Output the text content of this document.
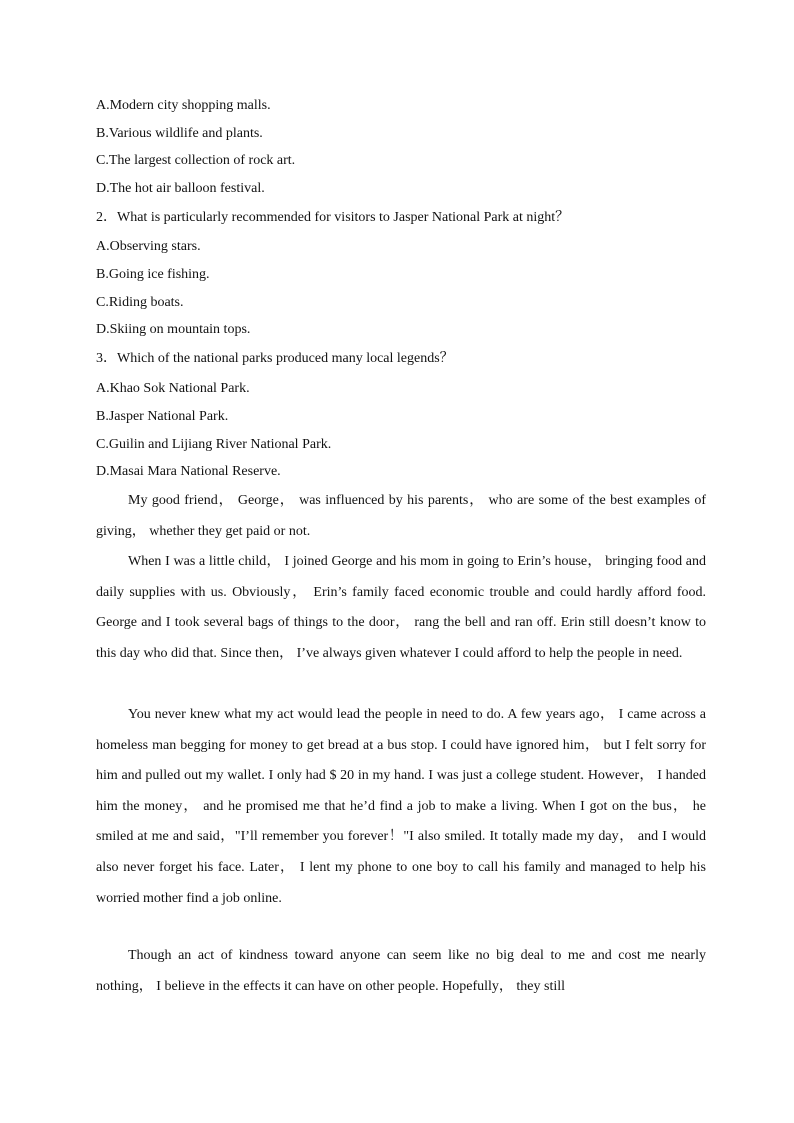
A.Modern city shopping malls.
B.Various wildlife and plants.
C.The largest collection of rock art.
D.The hot air balloon festival.
2．What is particularly recommended for visitors to Jasper National Park at night？
A.Observing stars.
B.Going ice fishing.
C.Riding boats.
D.Skiing on mountain tops.
3．Which of the national parks produced many local legends？
A.Khao Sok National Park.
B.Jasper National Park.
C.Guilin and Lijiang River National Park.
D.Masai Mara National Reserve.
My good friend， George， was influenced by his parents， who are some of the best examples of giving， whether they get paid or not.
When I was a little child， I joined George and his mom in going to Erin’s house， bringing food and daily supplies with us. Obviously， Erin’s family faced economic trouble and could hardly afford food. George and I took several bags of things to the door， rang the bell and ran off. Erin still doesn’t know to this day who did that. Since then， I’ve always given whatever I could afford to help the people in need.
You never knew what my act would lead the people in need to do. A few years ago， I came across a homeless man begging for money to get bread at a bus stop. I could have ignored him， but I felt sorry for him and pulled out my wallet. I only had $ 20 in my hand. I was just a college student. However， I handed him the money， and he promised me that he’d find a job to make a living. When I got on the bus， he smiled at me and said，"I’ll remember you forever！"I also smiled. It totally made my day， and I would also never forget his face. Later， I lent my phone to one boy to call his family and managed to help his worried mother find a job online.
Though an act of kindness toward anyone can seem like no big deal to me and cost me nearly nothing， I believe in the effects it can have on other people. Hopefully， they still
